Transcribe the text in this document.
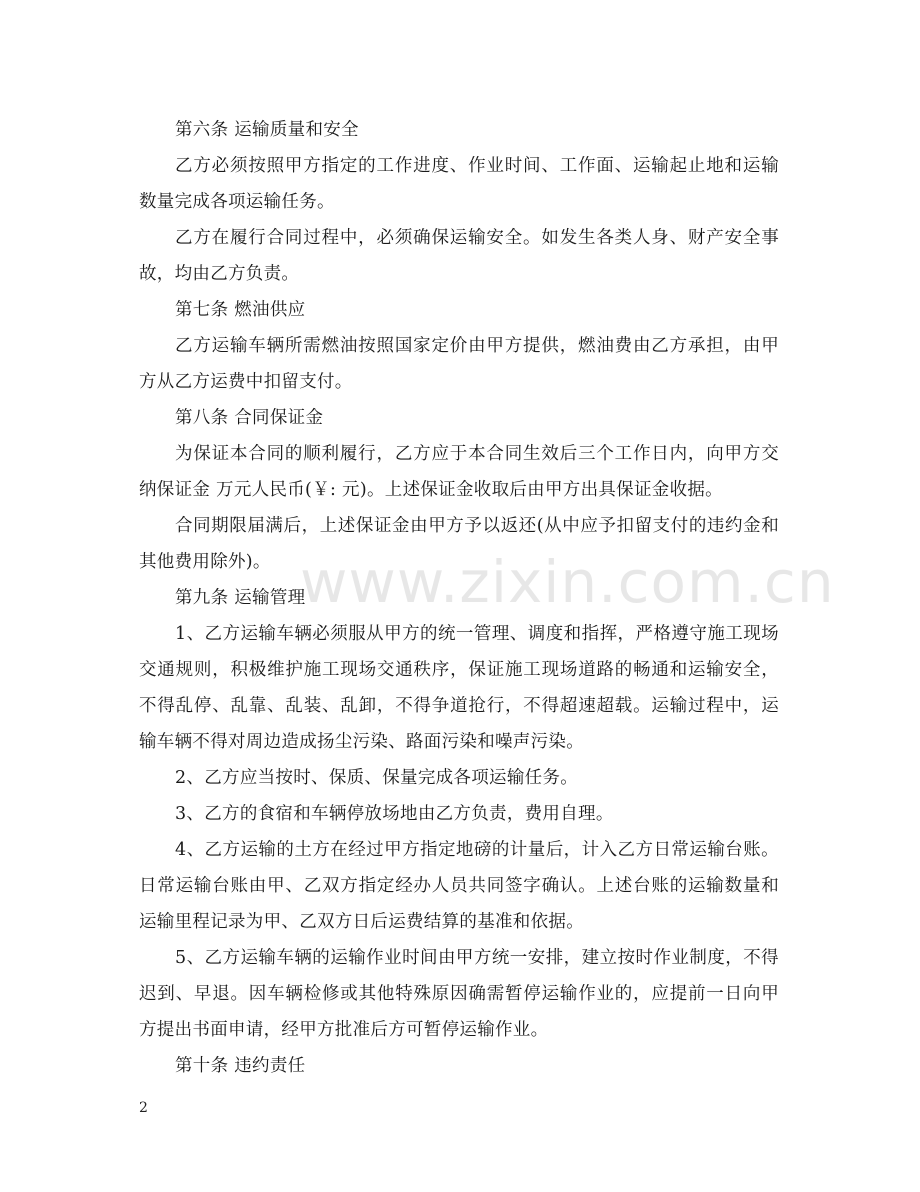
第六条 运输质量和安全

乙方必须按照甲方指定的工作进度、作业时间、工作面、运输起止地和运输数量完成各项运输任务。

乙方在履行合同过程中，必须确保运输安全。如发生各类人身、财产安全事故，均由乙方负责。

第七条 燃油供应

乙方运输车辆所需燃油按照国家定价由甲方提供，燃油费由乙方承担，由甲方从乙方运费中扣留支付。

第八条 合同保证金

为保证本合同的顺利履行，乙方应于本合同生效后三个工作日内，向甲方交纳保证金 万元人民币(￥: 元)。上述保证金收取后由甲方出具保证金收据。

合同期限届满后，上述保证金由甲方予以返还(从中应予扣留支付的违约金和其他费用除外)。

第九条 运输管理

1、乙方运输车辆必须服从甲方的统一管理、调度和指挥，严格遵守施工现场交通规则，积极维护施工现场交通秩序，保证施工现场道路的畅通和运输安全，不得乱停、乱靠、乱装、乱卸，不得争道抢行，不得超速超载。运输过程中，运输车辆不得对周边造成扬尘污染、路面污染和噪声污染。

2、乙方应当按时、保质、保量完成各项运输任务。

3、乙方的食宿和车辆停放场地由乙方负责，费用自理。

4、乙方运输的土方在经过甲方指定地磅的计量后，计入乙方日常运输台账。日常运输台账由甲、乙双方指定经办人员共同签字确认。上述台账的运输数量和运输里程记录为甲、乙双方日后运费结算的基准和依据。

5、乙方运输车辆的运输作业时间由甲方统一安排，建立按时作业制度，不得迟到、早退。因车辆检修或其他特殊原因确需暂停运输作业的，应提前一日向甲方提出书面申请，经甲方批准后方可暂停运输作业。

第十条 违约责任

www.zixin.com.cn
2
